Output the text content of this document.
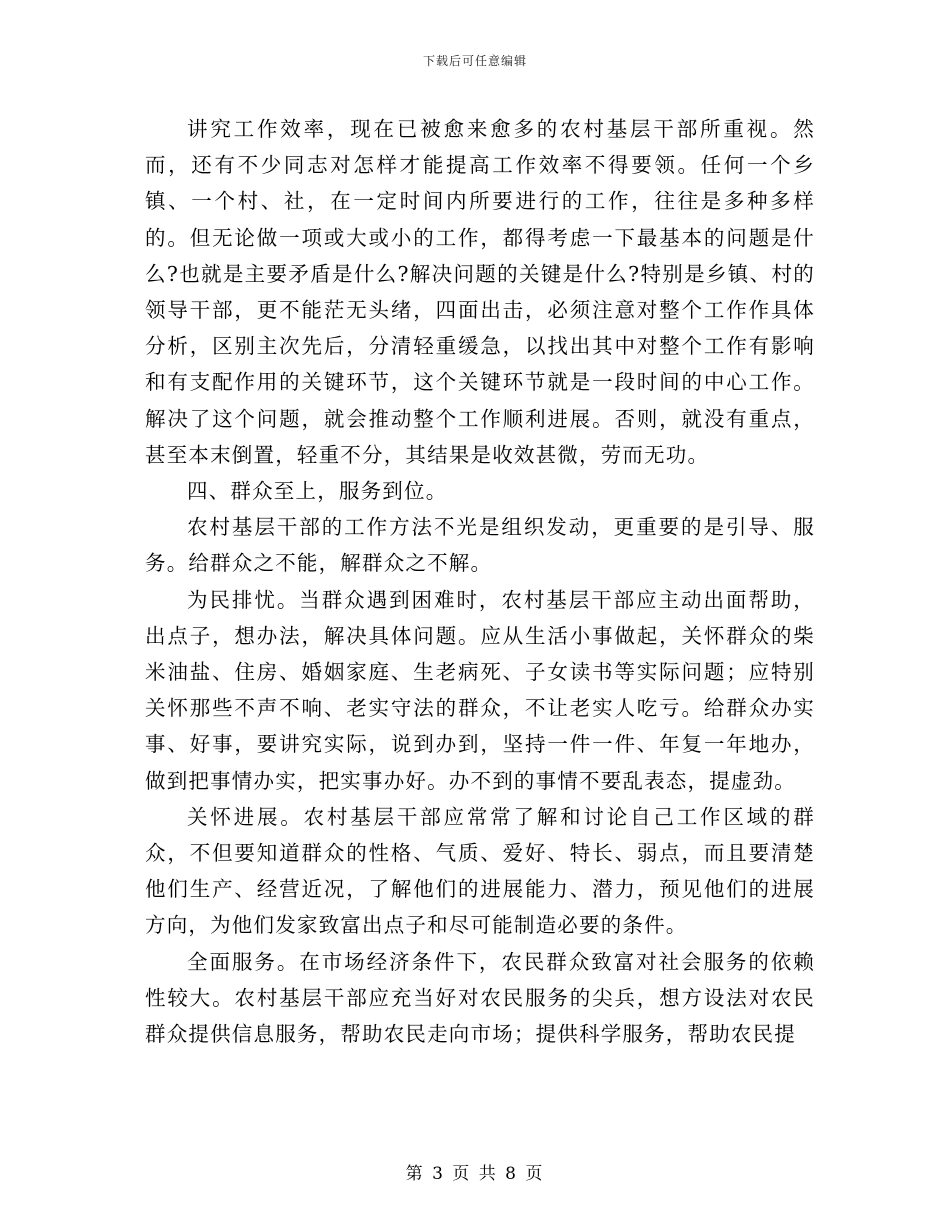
下载后可任意编辑

讲究工作效率，现在已被愈来愈多的农村基层干部所重视。然而，还有不少同志对怎样才能提高工作效率不得要领。任何一个乡镇、一个村、社，在一定时间内所要进行的工作，往往是多种多样的。但无论做一项或大或小的工作，都得考虑一下最基本的问题是什么?也就是主要矛盾是什么?解决问题的关键是什么?特别是乡镇、村的领导干部，更不能茫无头绪，四面出击，必须注意对整个工作作具体分析，区别主次先后，分清轻重缓急，以找出其中对整个工作有影响和有支配作用的关键环节，这个关键环节就是一段时间的中心工作。解决了这个问题，就会推动整个工作顺利进展。否则，就没有重点，甚至本末倒置，轻重不分，其结果是收效甚微，劳而无功。

四、群众至上，服务到位。

农村基层干部的工作方法不光是组织发动，更重要的是引导、服务。给群众之不能，解群众之不解。

为民排忧。当群众遇到困难时，农村基层干部应主动出面帮助，出点子，想办法，解决具体问题。应从生活小事做起，关怀群众的柴米油盐、住房、婚姻家庭、生老病死、子女读书等实际问题；应特别关怀那些不声不响、老实守法的群众，不让老实人吃亏。给群众办实事、好事，要讲究实际，说到办到，坚持一件一件、年复一年地办，做到把事情办实，把实事办好。办不到的事情不要乱表态，提虚劲。

关怀进展。农村基层干部应常常了解和讨论自己工作区域的群众，不但要知道群众的性格、气质、爱好、特长、弱点，而且要清楚他们生产、经营近况，了解他们的进展能力、潜力，预见他们的进展方向，为他们发家致富出点子和尽可能制造必要的条件。

全面服务。在市场经济条件下，农民群众致富对社会服务的依赖性较大。农村基层干部应充当好对农民服务的尖兵，想方设法对农民群众提供信息服务，帮助农民走向市场；提供科学服务，帮助农民提

第 3 页 共 8 页
